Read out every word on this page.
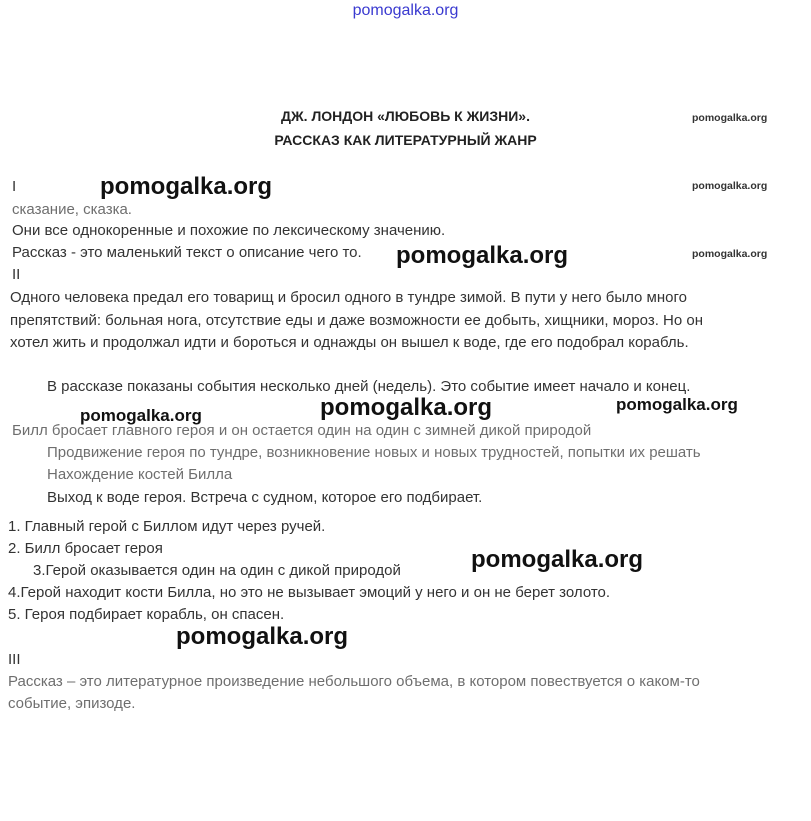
pomogalka.org
ДЖ. ЛОНДОН «ЛЮБОВЬ К ЖИЗНИ».
РАССКАЗ КАК ЛИТЕРАТУРНЫЙ ЖАНР
pomogalka.org
pomogalka.org
pomogalka.org
I	pomogalka.org
сказание, сказка.
Они все однокоренные и похожие по лексическому значению.
Рассказ - это маленький текст о описание чего то. pomogalka.org
II
Одного человека предал его товарищ и бросил одного в тундре зимой. В пути у него было много
препятствий: больная нога, отсутствие еды и даже возможности ее добыть, хищники, мороз. Но он
хотел жить и продолжал идти и бороться и однажды он вышел к воде, где его подобрал корабль.
В рассказе показаны события несколько дней (недель). Это событие имеет начало и конец.
pomogalka.org	pomogalka.org	pomogalka.org
Билл бросает главного героя и он остается один на один с зимней дикой природой
Продвижение героя по тундре, возникновение новых и новых трудностей, попытки их решать
Нахождение костей Билла
Выход к воде героя. Встреча с судном, которое его подбирает.
1. Главный герой с Биллом идут через ручей.
2. Билл бросает героя	pomogalka.org
3.Герой оказывается один на один с дикой природой
4.Герой находит кости Билла, но это не вызывает эмоций у него и он не берет золото.
5. Героя подбирает корабль, он спасен.
pomogalka.org
III
Рассказ – это литературное произведение небольшого объема, в котором повествуется о каком-то
событие, эпизоде.
